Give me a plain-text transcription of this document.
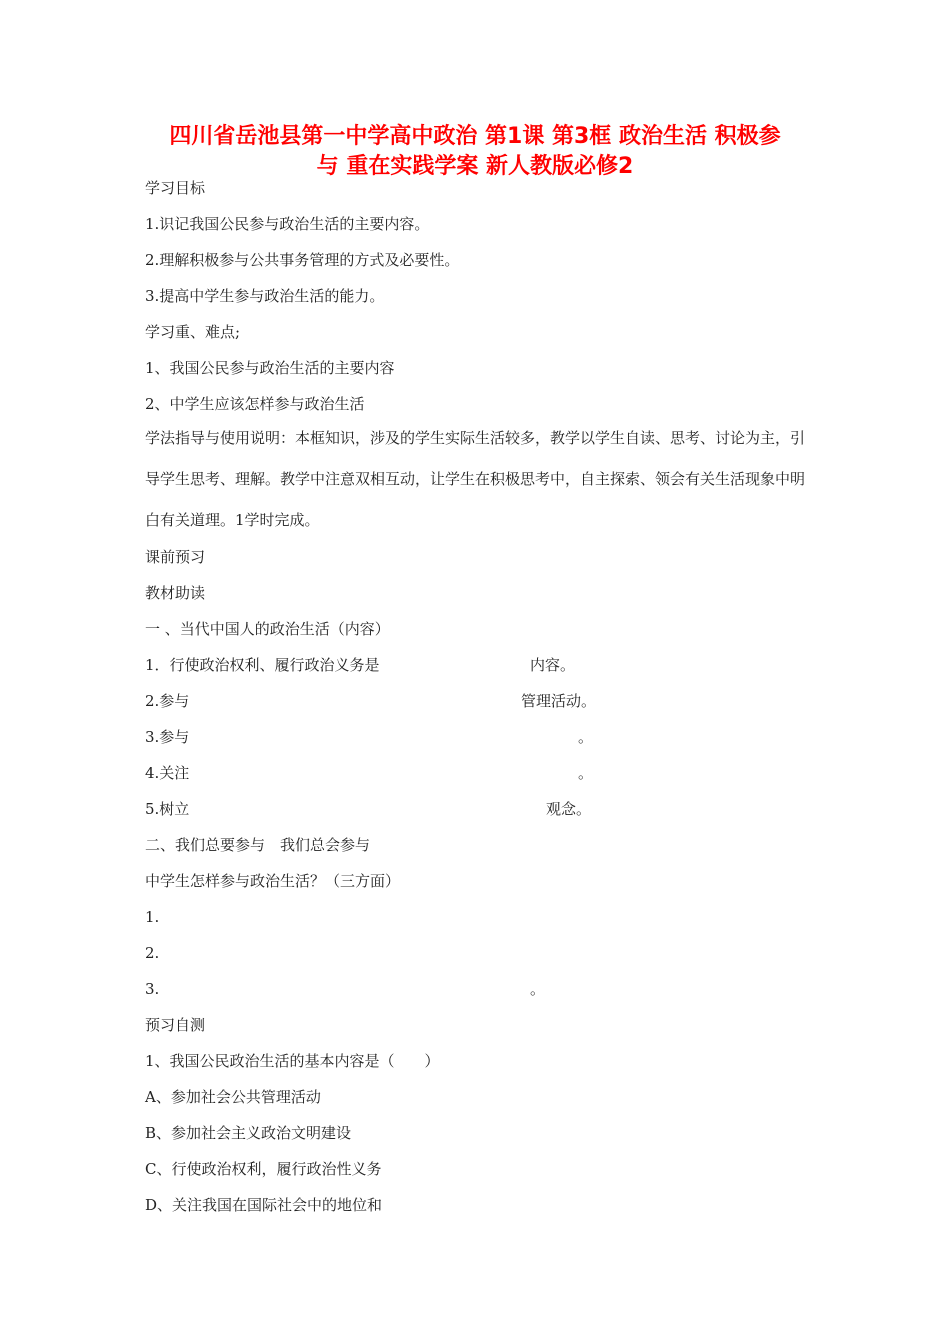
四川省岳池县第一中学高中政治 第1课 第3框 政治生活 积极参
与 重在实践学案 新人教版必修2
学习目标
1.识记我国公民参与政治生活的主要内容。
2.理解积极参与公共事务管理的方式及必要性。
3.提高中学生参与政治生活的能力。
学习重、难点;
1、我国公民参与政治生活的主要内容
2、中学生应该怎样参与政治生活
学法指导与使用说明：本框知识，涉及的学生实际生活较多，教学以学生自读、思考、讨论为主，引导学生思考、理解。教学中注意双相互动，让学生在积极思考中，自主探索、领会有关生活现象中明白有关道理。1学时完成。
课前预习
教材助读
一 、当代中国人的政治生活（内容）
1．行使政治权利、履行政治义务是	内容。
2.参与	管理活动。
3.参与	。
4.关注	。
5.树立	观念。
二、我们总要参与　我们总会参与
中学生怎样参与政治生活？（三方面）
1.
2.
3.	。
预习自测
1、我国公民政治生活的基本内容是（　　）
A、参加社会公共管理活动
B、参加社会主义政治文明建设
C、行使政治权利，履行政治性义务
D、关注我国在国际社会中的地位和
